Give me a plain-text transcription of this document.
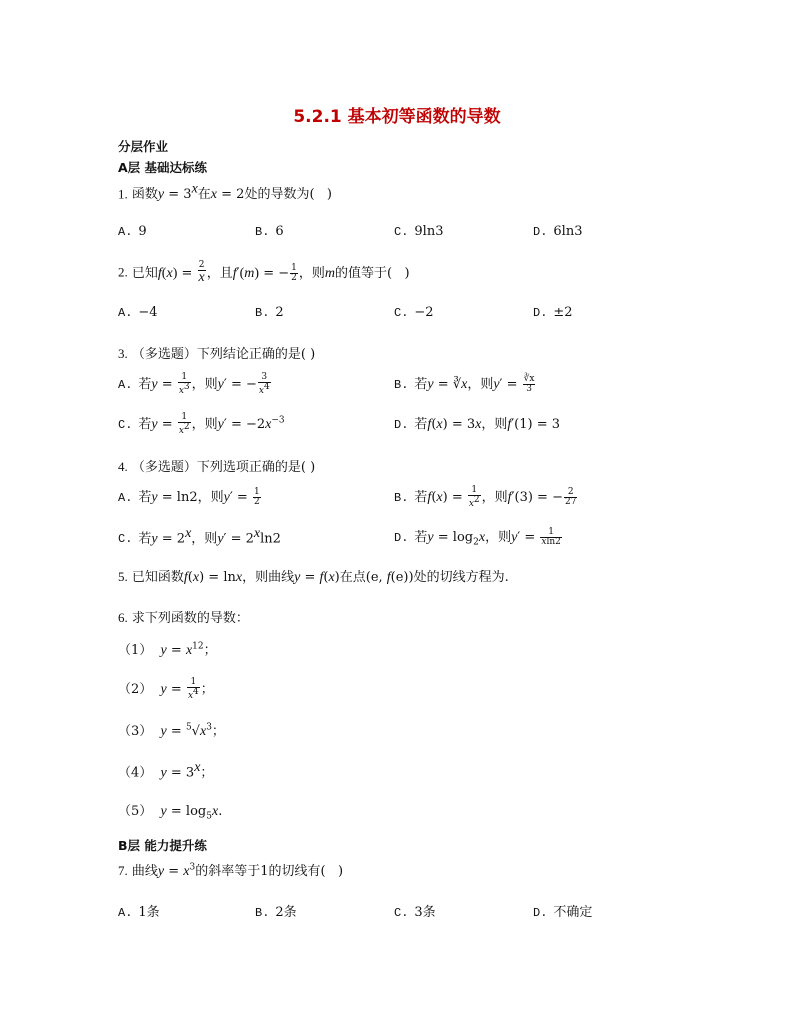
5.2.1 基本初等函数的导数
分层作业
A层 基础达标练
1. 函数$y = 3^x$在x = 2处的导数为(   )
A. 9	B. 6	C. 9ln3	D. 6ln3
2. 已知$f(x) = \frac{2}{x}$ ，且f′(m) = − $\frac{1}{2}$ ，则m的值等于(   )
A. −4	B. 2	C. −2	D. ±2
3. （多选题）下列结论正确的是( )
A. 若$y = \frac{1}{x^3}$ ，则y′ = − $\frac{3}{x^4}$	B. 若y = ∛x，则$y' = \frac{∛x}{3}$
C. 若$y = \frac{1}{x^2}$ ，则$y' = -2x^{-3}$	D. 若f(x) = 3x，则f′(1) = 3
4. （多选题）下列选项正确的是( )
A. 若y = ln2，则$y' = \frac{1}{2}$	B. 若$f(x) = \frac{1}{x^2}$ ，则f′(3) = − $\frac{2}{27}$
C. 若$y = 2^x$，则$y' = 2^x\ln 2$	D. 若$y = \log_2x$，则$y' = \frac{1}{xln2}$
5. 已知函数f(x) = lnx，则曲线y = f(x)在点(e, f(e))处的切线方程为.
6. 求下列函数的导数：
（1） $y = x^{12}$；
（2） $y = \frac{1}{x^4}$ ；
（3） $y = ^5√x^3$；
（4） $y = 3^x$；
（5） $y = \log_5x$.
B层 能力提升练
7. 曲线$y = x^3$的斜率等于1的切线有(   )
A. 1条	B. 2条	C. 3条	D. 不确定
